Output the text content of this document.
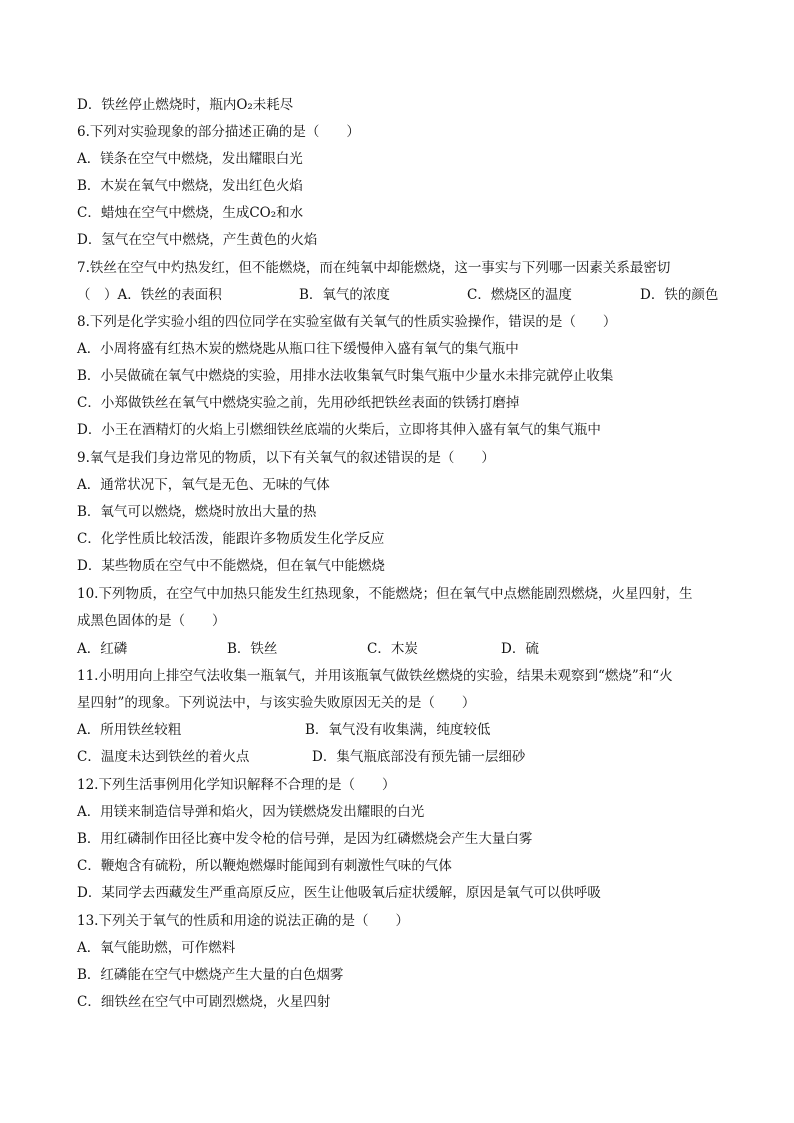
D．铁丝停止燃烧时，瓶内O₂未耗尽
6.下列对实验现象的部分描述正确的是（　　）
A．镁条在空气中燃烧，发出耀眼白光
B．木炭在氧气中燃烧，发出红色火焰
C．蜡烛在空气中燃烧，生成CO₂和水
D．氢气在空气中燃烧，产生黄色的火焰
7.铁丝在空气中灼热发红，但不能燃烧，而在纯氧中却能燃烧，这一事实与下列哪一因素关系最密切
（　）A．铁丝的表面积	B．氧气的浓度	C．燃烧区的温度	D．铁的颜色
8.下列是化学实验小组的四位同学在实验室做有关氧气的性质实验操作，错误的是（　　）
A．小周将盛有红热木炭的燃烧匙从瓶口往下缓慢伸入盛有氧气的集气瓶中
B．小吴做硫在氧气中燃烧的实验，用排水法收集氧气时集气瓶中少量水未排完就停止收集
C．小郑做铁丝在氧气中燃烧实验之前，先用砂纸把铁丝表面的铁锈打磨掉
D．小王在酒精灯的火焰上引燃细铁丝底端的火柴后，立即将其伸入盛有氧气的集气瓶中
9.氧气是我们身边常见的物质，以下有关氧气的叙述错误的是（　　）
A．通常状况下，氧气是无色、无味的气体
B．氧气可以燃烧，燃烧时放出大量的热
C．化学性质比较活泼，能跟许多物质发生化学反应
D．某些物质在空气中不能燃烧，但在氧气中能燃烧
10.下列物质，在空气中加热只能发生红热现象，不能燃烧；但在氧气中点燃能剧烈燃烧，火星四射，生
成黑色固体的是（　　）
A．红磷	B．铁丝	C．木炭	D．硫
11.小明用向上排空气法收集一瓶氧气，并用该瓶氧气做铁丝燃烧的实验，结果未观察到“燃烧”和“火
星四射”的现象。下列说法中，与该实验失败原因无关的是（　　）
A．所用铁丝较粗	B．氧气没有收集满，纯度较低
C．温度未达到铁丝的着火点	D．集气瓶底部没有预先铺一层细砂
12.下列生活事例用化学知识解释不合理的是（　　）
A．用镁来制造信导弹和焰火，因为镁燃烧发出耀眼的白光
B．用红磷制作田径比赛中发令枪的信号弹，是因为红磷燃烧会产生大量白雾
C．鞭炮含有硫粉，所以鞭炮燃爆时能闻到有刺激性气味的气体
D．某同学去西藏发生严重高原反应，医生让他吸氧后症状缓解，原因是氧气可以供呼吸
13.下列关于氧气的性质和用途的说法正确的是（　　）
A．氧气能助燃，可作燃料
B．红磷能在空气中燃烧产生大量的白色烟雾
C．细铁丝在空气中可剧烈燃烧，火星四射
